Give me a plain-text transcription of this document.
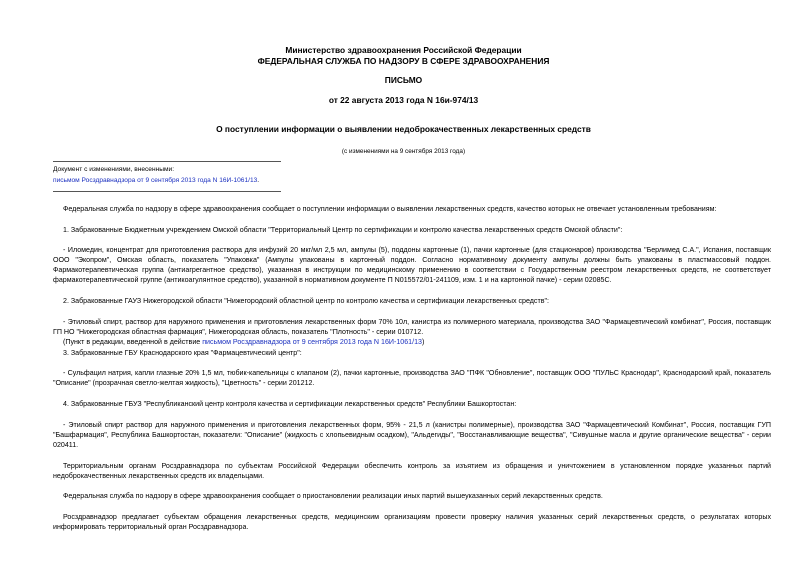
Министерство здравоохранения Российской Федерации
ФЕДЕРАЛЬНАЯ СЛУЖБА ПО НАДЗОРУ В СФЕРЕ ЗДРАВООХРАНЕНИЯ
ПИСЬМО
от 22 августа 2013 года N 16и-974/13
О поступлении информации о выявлении недоброкачественных лекарственных средств
(с изменениями на 9 сентября 2013 года)
Документ с изменениями, внесенными:
письмом Росздравнадзора от 9 сентября 2013 года N 16И-1061/13.
Федеральная служба по надзору в сфере здравоохранения сообщает о поступлении информации о выявлении лекарственных средств, качество которых не отвечает установленным требованиям:
1. Забракованные Бюджетным учреждением Омской области "Территориальный Центр по сертификации и контролю качества лекарственных средств Омской области":
- Иломедин, концентрат для приготовления раствора для инфузий 20 мкг/мл 2,5 мл, ампулы (5), поддоны картонные (1), пачки картонные (для стационаров) производства "Берлимед С.А.", Испания, поставщик ООО "Экопром", Омская область, показатель "Упаковка" (Ампулы упакованы в картонный поддон. Согласно нормативному документу ампулы должны быть упакованы в пластмассовый поддон. Фармакотерапевтическая группа (антиагрегантное средство), указанная в инструкции по медицинскому применению в соответствии с Государственным реестром лекарственных средств, не соответствует фармакотерапевтической группе (антикоагулянтное средство), указанной в нормативном документе П N015572/01-241109, изм. 1 и на картонной пачке) - серии 02085С.
2. Забракованные ГАУЗ Нижегородской области "Нижегородский областной центр по контролю качества и сертификации лекарственных средств":
- Этиловый спирт, раствор для наружного применения и приготовления лекарственных форм 70% 10л, канистра из полимерного материала, производства ЗАО "Фармацевтический комбинат", Россия, поставщик ГП НО "Нижегородская областная фармация", Нижегородская область, показатель "Плотность" - серии 010712.
(Пункт в редакции, введенной в действие письмом Росздравнадзора от 9 сентября 2013 года N 16И-1061/13)
3. Забракованные ГБУ Краснодарского края "Фармацевтический центр":
- Сульфацил натрия, капли глазные 20% 1,5 мл, тюбик-капельницы с клапаном (2), пачки картонные, производства ЗАО "ПФК "Обновление", поставщик ООО "ПУЛЬС Краснодар", Краснодарский край, показатель "Описание" (прозрачная светло-желтая жидкость), "Цветность" - серии 201212.
4. Забракованные ГБУЗ "Республиканский центр контроля качества и сертификации лекарственных средств" Республики Башкортостан:
- Этиловый спирт раствор для наружного применения и приготовления лекарственных форм, 95% - 21,5 л (канистры полимерные), производства ЗАО "Фармацевтический Комбинат", Россия, поставщик ГУП "Башфармация", Республика Башкортостан, показатели: "Описание" (жидкость с хлопьевидным осадком), "Альдегиды", "Восстанавливающие вещества", "Сивушные масла и другие органические вещества" - серии 020411.
Территориальным органам Росздравнадзора по субъектам Российской Федерации обеспечить контроль за изъятием из обращения и уничтожением в установленном порядке указанных партий недоброкачественных лекарственных средств их владельцами.
Федеральная служба по надзору в сфере здравоохранения сообщает о приостановлении реализации иных партий вышеуказанных серий лекарственных средств.
Росздравнадзор предлагает субъектам обращения лекарственных средств, медицинским организациям провести проверку наличия указанных серий лекарственных средств, о результатах которых информировать территориальный орган Росздравнадзора.
